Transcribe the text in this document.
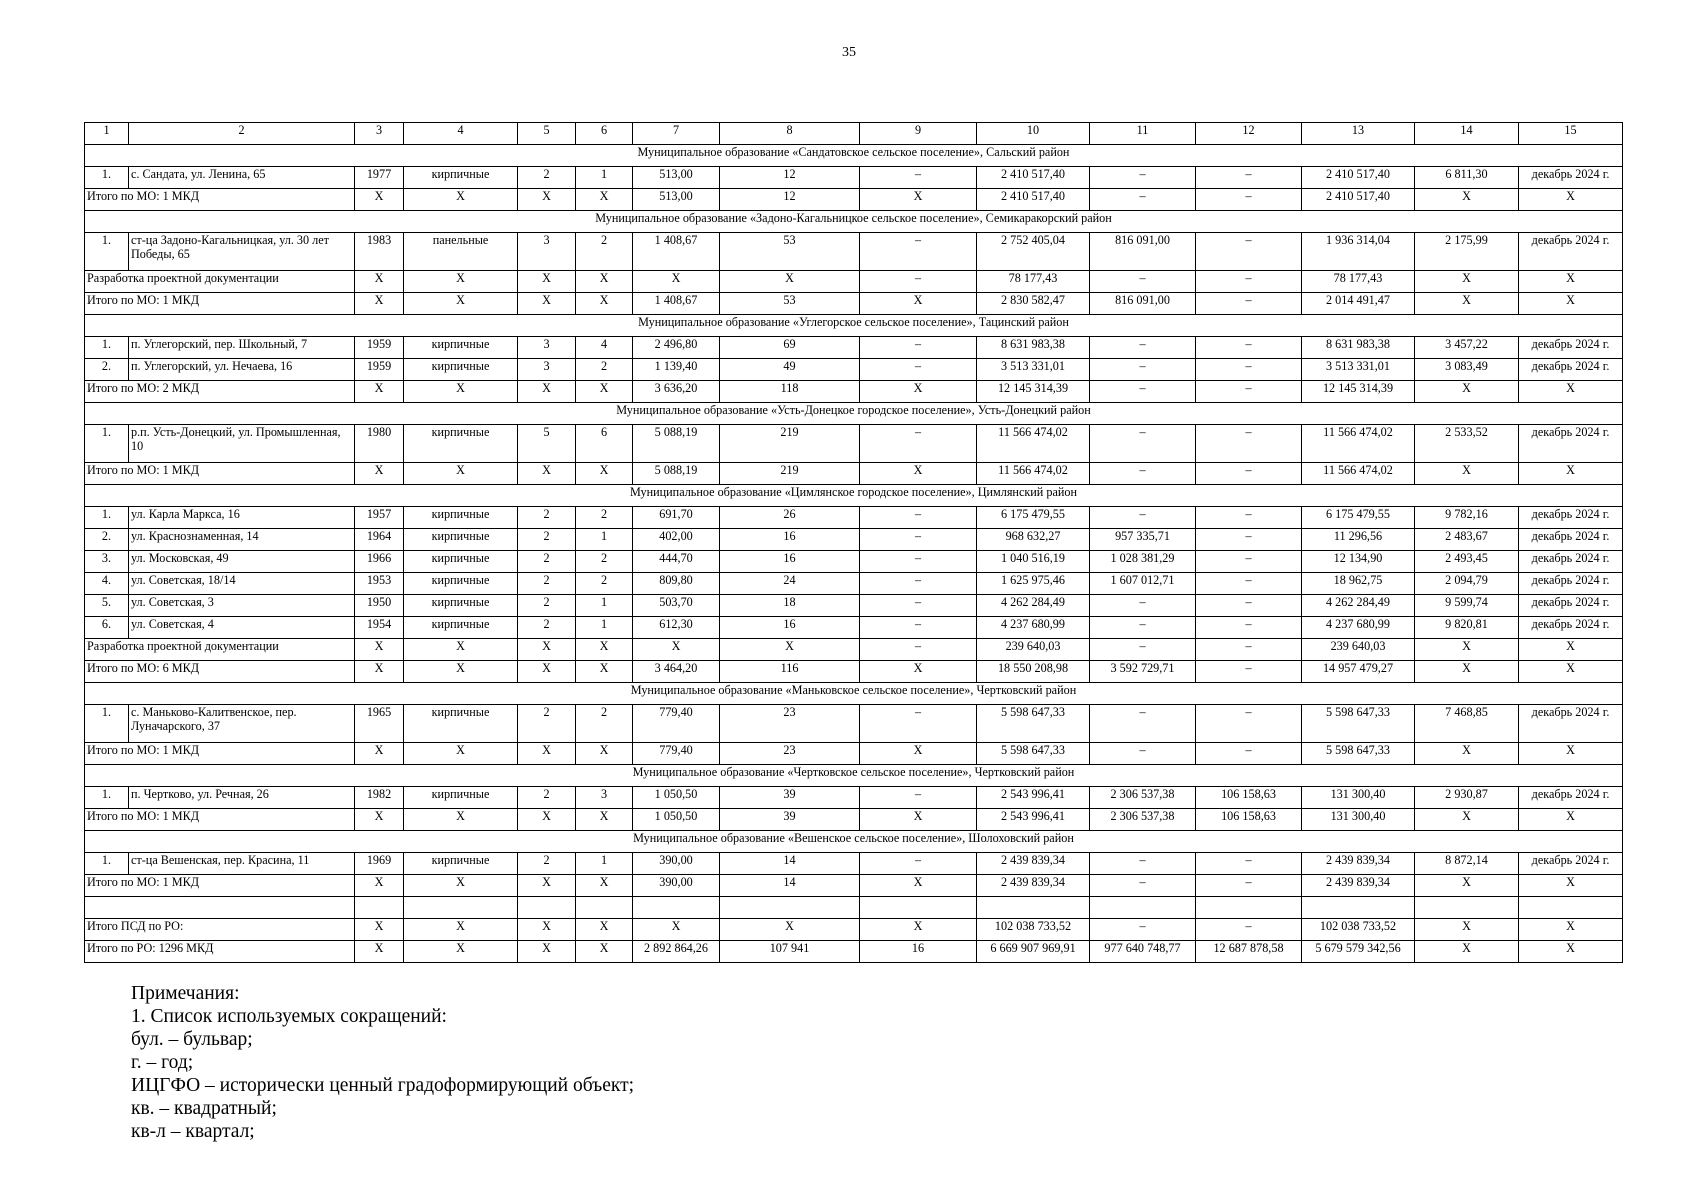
35
1	2	3	4	5	6	7	8	9	10	11	12	13	14	15
Муниципальное образование «Сандатовское сельское поселение», Сальский район														
1.	с. Сандата, ул. Ленина, 65	1977	кирпичные	2	1	513,00	12	–	2 410 517,40	–	–	2 410 517,40	6 811,30	декабрь 2024 г.
Итого по МО: 1 МКД		Х	Х	Х	Х	513,00	12	Х	2 410 517,40	–	–	2 410 517,40	Х	Х
Муниципальное образование «Задоно-Кагальницкое сельское поселение», Семикаракорский район														
1.	ст-ца Задоно-Кагальницкая, ул. 30 лет Победы, 65	1983	панельные	3	2	1 408,67	53	–	2 752 405,04	816 091,00	–	1 936 314,04	2 175,99	декабрь 2024 г.
Разработка проектной документации		Х	Х	Х	Х	Х	Х	–	78 177,43	–	–	78 177,43	Х	Х
Итого по МО: 1 МКД		Х	Х	Х	Х	1 408,67	53	Х	2 830 582,47	816 091,00	–	2 014 491,47	Х	Х
Муниципальное образование «Углегорское сельское поселение», Тацинский район														
1.	п. Углегорский, пер. Школьный, 7	1959	кирпичные	3	4	2 496,80	69	–	8 631 983,38	–	–	8 631 983,38	3 457,22	декабрь 2024 г.
2.	п. Углегорский, ул. Нечаева, 16	1959	кирпичные	3	2	1 139,40	49	–	3 513 331,01	–	–	3 513 331,01	3 083,49	декабрь 2024 г.
Итого по МО: 2 МКД		Х	Х	Х	Х	3 636,20	118	Х	12 145 314,39	–	–	12 145 314,39	Х	Х
Муниципальное образование «Усть-Донецкое городское поселение», Усть-Донецкий район														
1.	р.п. Усть-Донецкий, ул. Промышленная, 10	1980	кирпичные	5	6	5 088,19	219	–	11 566 474,02	–	–	11 566 474,02	2 533,52	декабрь 2024 г.
Итого по МО: 1 МКД		Х	Х	Х	Х	5 088,19	219	Х	11 566 474,02	–	–	11 566 474,02	Х	Х
Муниципальное образование «Цимлянское городское поселение», Цимлянский район														
1.	ул. Карла Маркса, 16	1957	кирпичные	2	2	691,70	26	–	6 175 479,55	–	–	6 175 479,55	9 782,16	декабрь 2024 г.
2.	ул. Краснознаменная, 14	1964	кирпичные	2	1	402,00	16	–	968 632,27	957 335,71	–	11 296,56	2 483,67	декабрь 2024 г.
3.	ул. Московская, 49	1966	кирпичные	2	2	444,70	16	–	1 040 516,19	1 028 381,29	–	12 134,90	2 493,45	декабрь 2024 г.
4.	ул. Советская, 18/14	1953	кирпичные	2	2	809,80	24	–	1 625 975,46	1 607 012,71	–	18 962,75	2 094,79	декабрь 2024 г.
5.	ул. Советская, 3	1950	кирпичные	2	1	503,70	18	–	4 262 284,49	–	–	4 262 284,49	9 599,74	декабрь 2024 г.
6.	ул. Советская, 4	1954	кирпичные	2	1	612,30	16	–	4 237 680,99	–	–	4 237 680,99	9 820,81	декабрь 2024 г.
Разработка проектной документации		Х	Х	Х	Х	Х	Х	–	239 640,03	–	–	239 640,03	Х	Х
Итого по МО: 6 МКД		Х	Х	Х	Х	3 464,20	116	Х	18 550 208,98	3 592 729,71	–	14 957 479,27	Х	Х
Муниципальное образование «Маньковское сельское поселение», Чертковский район														
1.	с. Маньково-Калитвенское, пер. Луначарского, 37	1965	кирпичные	2	2	779,40	23	–	5 598 647,33	–	–	5 598 647,33	7 468,85	декабрь 2024 г.
Итого по МО: 1 МКД		Х	Х	Х	Х	779,40	23	Х	5 598 647,33	–	–	5 598 647,33	Х	Х
Муниципальное образование «Чертковское сельское поселение», Чертковский район														
1.	п. Чертково, ул. Речная, 26	1982	кирпичные	2	3	1 050,50	39	–	2 543 996,41	2 306 537,38	106 158,63	131 300,40	2 930,87	декабрь 2024 г.
Итого по МО: 1 МКД		Х	Х	Х	Х	1 050,50	39	Х	2 543 996,41	2 306 537,38	106 158,63	131 300,40	Х	Х
Муниципальное образование «Вешенское сельское поселение», Шолоховский район														
1.	ст-ца Вешенская, пер. Красина, 11	1969	кирпичные	2	1	390,00	14	–	2 439 839,34	–	–	2 439 839,34	8 872,14	декабрь 2024 г.
Итого по МО: 1 МКД		Х	Х	Х	Х	390,00	14	Х	2 439 839,34	–	–	2 439 839,34	Х	Х

Итого ПСД по РО:		Х	Х	Х	Х	Х	Х	Х	102 038 733,52	–	–	102 038 733,52	Х	Х
Итого по РО: 1296 МКД		Х	Х	Х	Х	2 892 864,26	107 941	16	6 669 907 969,91	977 640 748,77	12 687 878,58	5 679 579 342,56	Х	Х
Примечания:
1. Список используемых сокращений:
бул. – бульвар;
г. – год;
ИЦГФО – исторически ценный градоформирующий объект;
кв. – квадратный;
кв-л – квартал;
